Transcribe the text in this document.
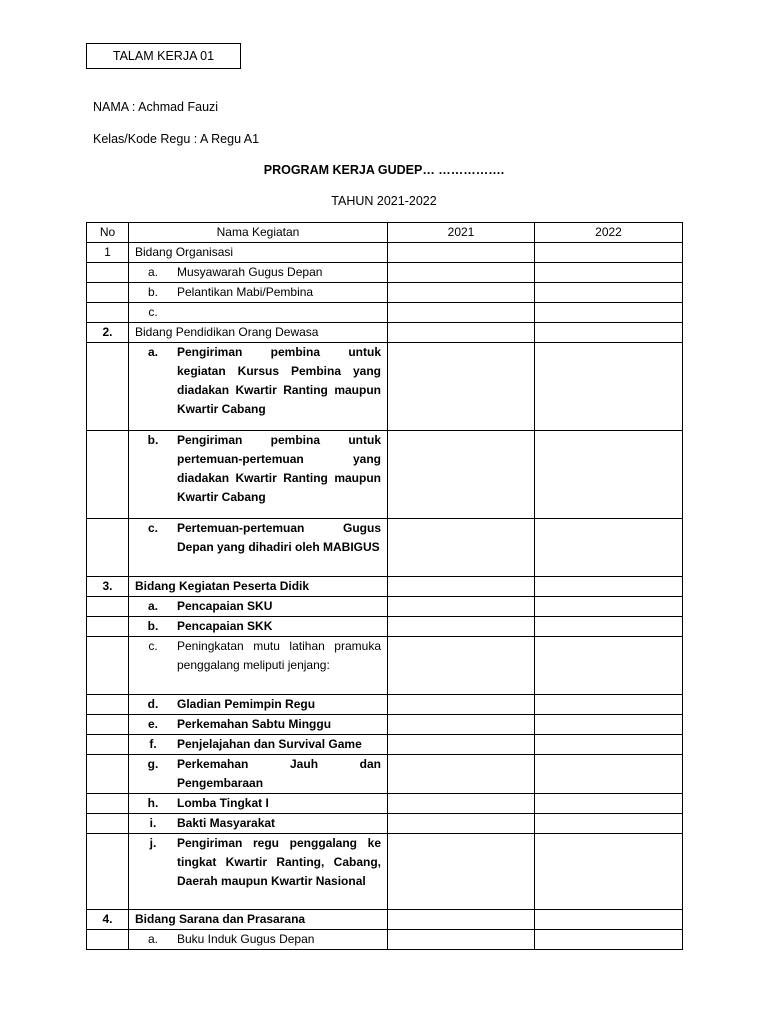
TALAM KERJA 01
NAMA : Achmad Fauzi
Kelas/Kode Regu : A Regu A1
PROGRAM KERJA GUDEP… …………….
TAHUN 2021-2022
No	Nama Kegiatan	2021	2022
1	Bidang Organisasi		

	a. Musyawarah Gugus Depan		

	b. Pelantikan Mabi/Pembina		

	c.		

2.	Bidang Pendidikan Orang Dewasa		

	a. Pengiriman pembina untuk kegiatan Kursus Pembina yang diadakan Kwartir Ranting maupun Kwartir Cabang		

	b. Pengiriman pembina untuk pertemuan-pertemuan yang diadakan Kwartir Ranting maupun Kwartir Cabang		

	c. Pertemuan-pertemuan Gugus Depan yang dihadiri oleh MABIGUS		

3.	Bidang Kegiatan Peserta Didik		

	a. Pencapaian SKU		

	b. Pencapaian SKK		

	c. Peningkatan mutu latihan pramuka penggalang meliputi jenjang:		

	d. Gladian Pemimpin Regu		

	e. Perkemahan Sabtu Minggu		

	f. Penjelajahan dan Survival Game		

	g. Perkemahan Jauh dan Pengembaraan		

	h. Lomba Tingkat I		

	i. Bakti Masyarakat		

	j. Pengiriman regu penggalang ke tingkat Kwartir Ranting, Cabang, Daerah maupun Kwartir Nasional		

4.	Bidang Sarana dan Prasarana		

	a. Buku Induk Gugus Depan		
